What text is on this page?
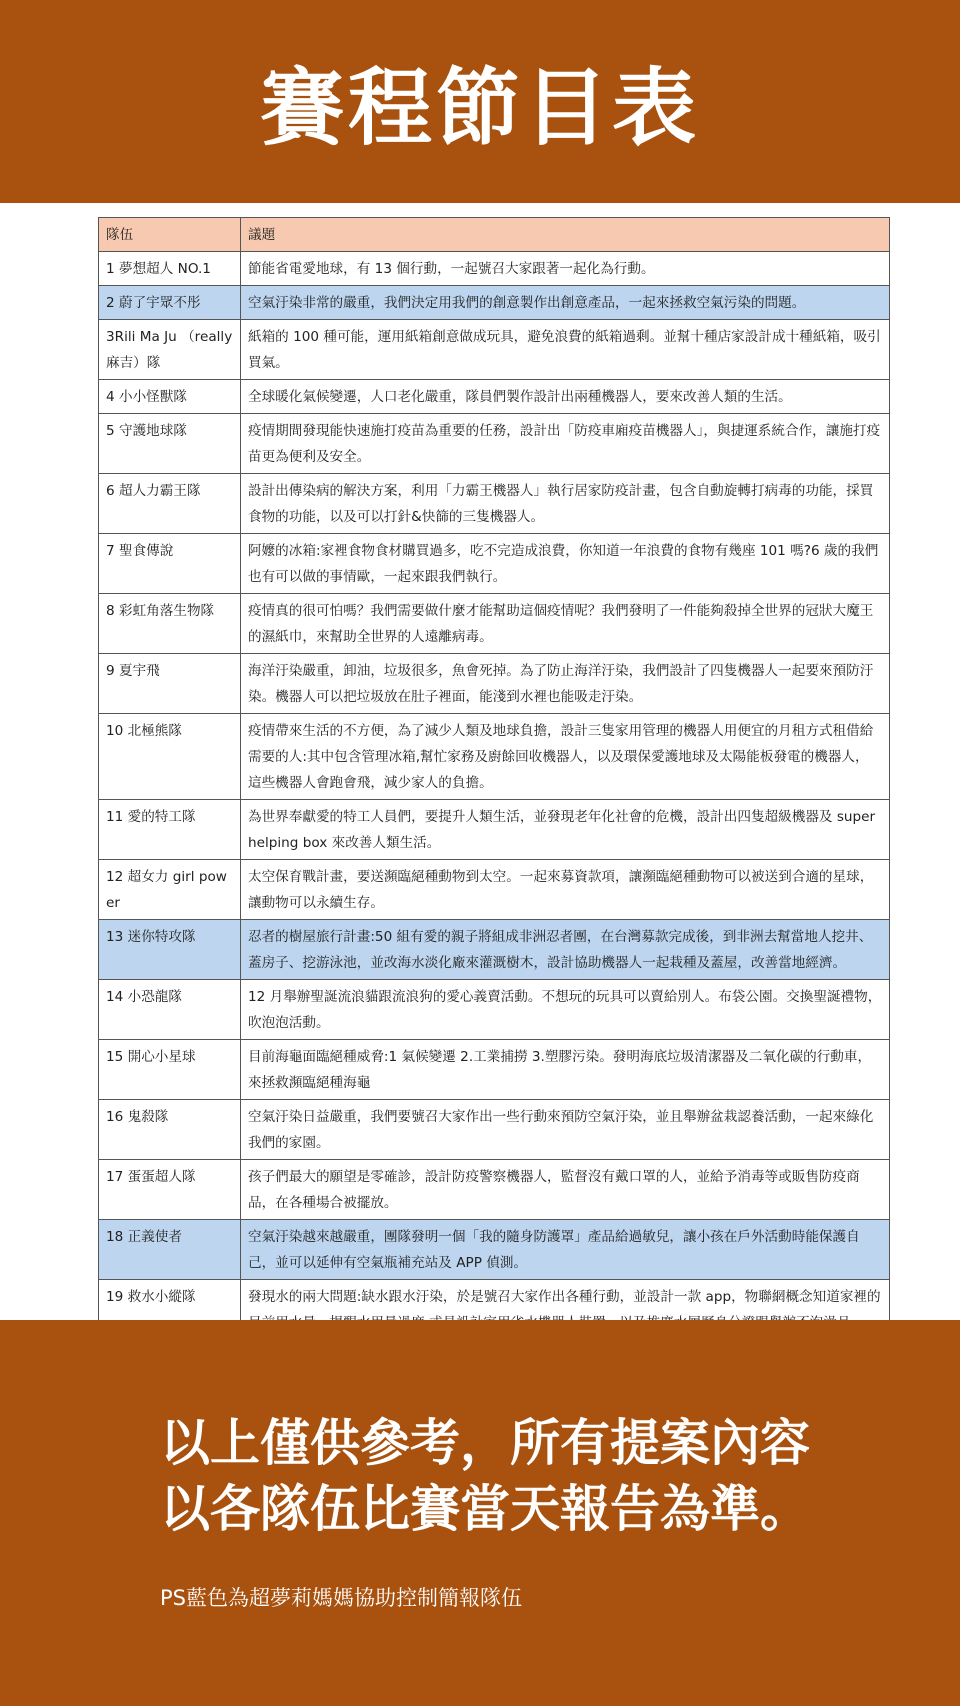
賽程節目表
隊伍	議題
1 夢想超人 NO.1	節能省電愛地球，有 13 個行動，一起號召大家跟著一起化為行動。
2 蔚了宇眾不彤	空氣汙染非常的嚴重，我們決定用我們的創意製作出創意產品，一起來拯救空氣污染的問題。
3Rili Ma Ju （really 麻吉）隊	紙箱的 100 種可能，運用紙箱創意做成玩具，避免浪費的紙箱過剩。並幫十種店家設計成十種紙箱，吸引買氣。
4 小小怪獸隊	全球暖化氣候變遷，人口老化嚴重，隊員們製作設計出兩種機器人，要來改善人類的生活。
5 守護地球隊	疫情期間發現能快速施打疫苗為重要的任務，設計出「防疫車廂疫苗機器人」，與捷運系統合作，讓施打疫苗更為便利及安全。
6 超人力霸王隊	設計出傳染病的解決方案，利用「力霸王機器人」執行居家防疫計畫，包含自動旋轉打病毒的功能，採買食物的功能，以及可以打針&快篩的三隻機器人。
7 聖食傳說	阿嬤的冰箱:家裡食物食材購買過多，吃不完造成浪費，你知道一年浪費的食物有幾座 101 嗎?6 歲的我們也有可以做的事情歐，一起來跟我們執行。
8 彩虹角落生物隊	疫情真的很可怕嗎？我們需要做什麼才能幫助這個疫情呢？我們發明了一件能夠殺掉全世界的冠狀大魔王的濕紙巾，來幫助全世界的人遠離病毒。
9 夏宇飛	海洋汙染嚴重，卸油，垃圾很多，魚會死掉。為了防止海洋汙染，我們設計了四隻機器人一起要來預防汙染。機器人可以把垃圾放在肚子裡面，能淺到水裡也能吸走汙染。
10 北極熊隊	疫情帶來生活的不方便，為了減少人類及地球負擔，設計三隻家用管理的機器人用便宜的月租方式租借給需要的人:其中包含管理冰箱,幫忙家務及廚餘回收機器人，以及環保愛護地球及太陽能板發電的機器人，這些機器人會跑會飛，減少家人的負擔。
11 愛的特工隊	為世界奉獻愛的特工人員們，要提升人類生活，並發現老年化社會的危機，設計出四隻超級機器及 super helping box 來改善人類生活。
12 超女力 girl power	太空保育戰計畫，要送瀕臨絕種動物到太空。一起來募資款項，讓瀕臨絕種動物可以被送到合適的星球，讓動物可以永續生存。
13 迷你特攻隊	忍者的樹屋旅行計畫:50 組有愛的親子將組成非洲忍者團，在台灣募款完成後，到非洲去幫當地人挖井、蓋房子、挖游泳池，並改海水淡化廠來灌溉樹木，設計協助機器人一起栽種及蓋屋，改善當地經濟。
14 小恐龍隊	12 月舉辦聖誕流浪貓跟流浪狗的愛心義賣活動。不想玩的玩具可以賣給別人。布袋公園。交換聖誕禮物，吹泡泡活動。
15 開心小星球	目前海龜面臨絕種威脅:1 氣候變遷 2.工業捕撈 3.塑膠污染。發明海底垃圾清潔器及二氧化碳的行動車，來拯救瀕臨絕種海龜
16 鬼殺隊	空氣汙染日益嚴重，我們要號召大家作出一些行動來預防空氣汙染，並且舉辦盆栽認養活動，一起來綠化我們的家園。
17 蛋蛋超人隊	孩子們最大的願望是零確診，設計防疫警察機器人，監督沒有戴口罩的人，並給予消毒等或販售防疫商品，在各種場合被擺放。
18 正義使者	空氣汙染越來越嚴重，團隊發明一個「我的隨身防護罩」產品給過敏兒，讓小孩在戶外活動時能保護自己，並可以延伸有空氣瓶補充站及 APP 偵測。
19 救水小縱隊	發現水的兩大問題:缺水跟水汙染，於是號召大家作出各種行動，並設計一款 app，物聯網概念知道家裡的

以上僅供參考，所有提案內容
以各隊伍比賽當天報告為準。
PS藍色為超夢莉媽媽協助控制簡報隊伍
